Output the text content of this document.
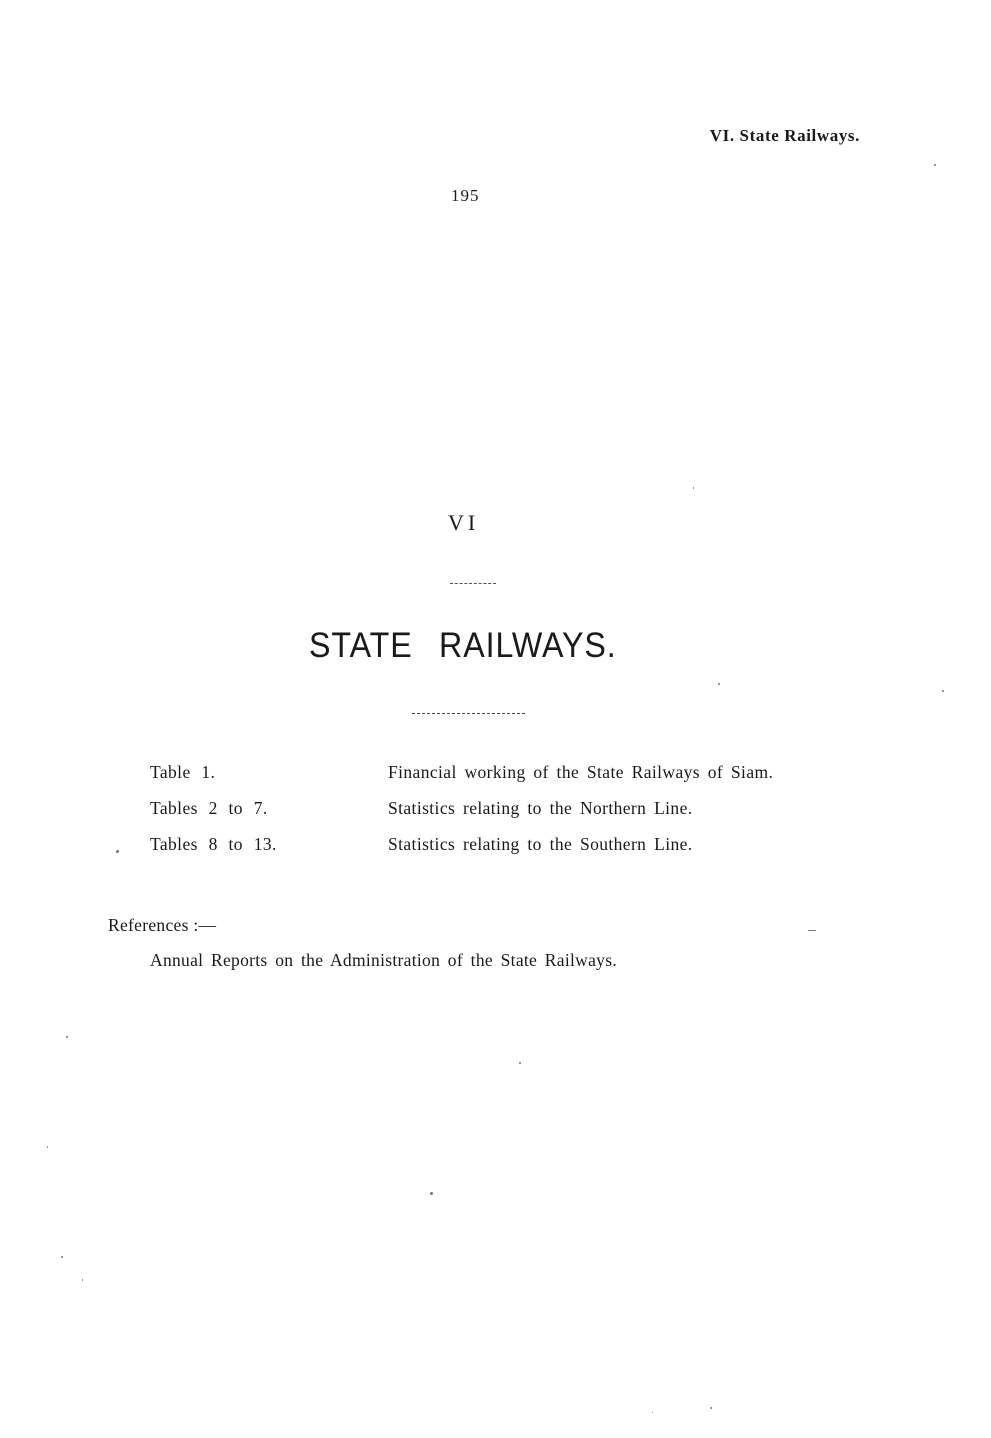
VI. State Railways.
195
VI
STATE RAILWAYS.
Table 1.	Financial working of the State Railways of Siam.
Tables 2 to 7.	Statistics relating to the Northern Line.
Tables 8 to 13.	Statistics relating to the Southern Line.
References :—
Annual Reports on the Administration of the State Railways.
